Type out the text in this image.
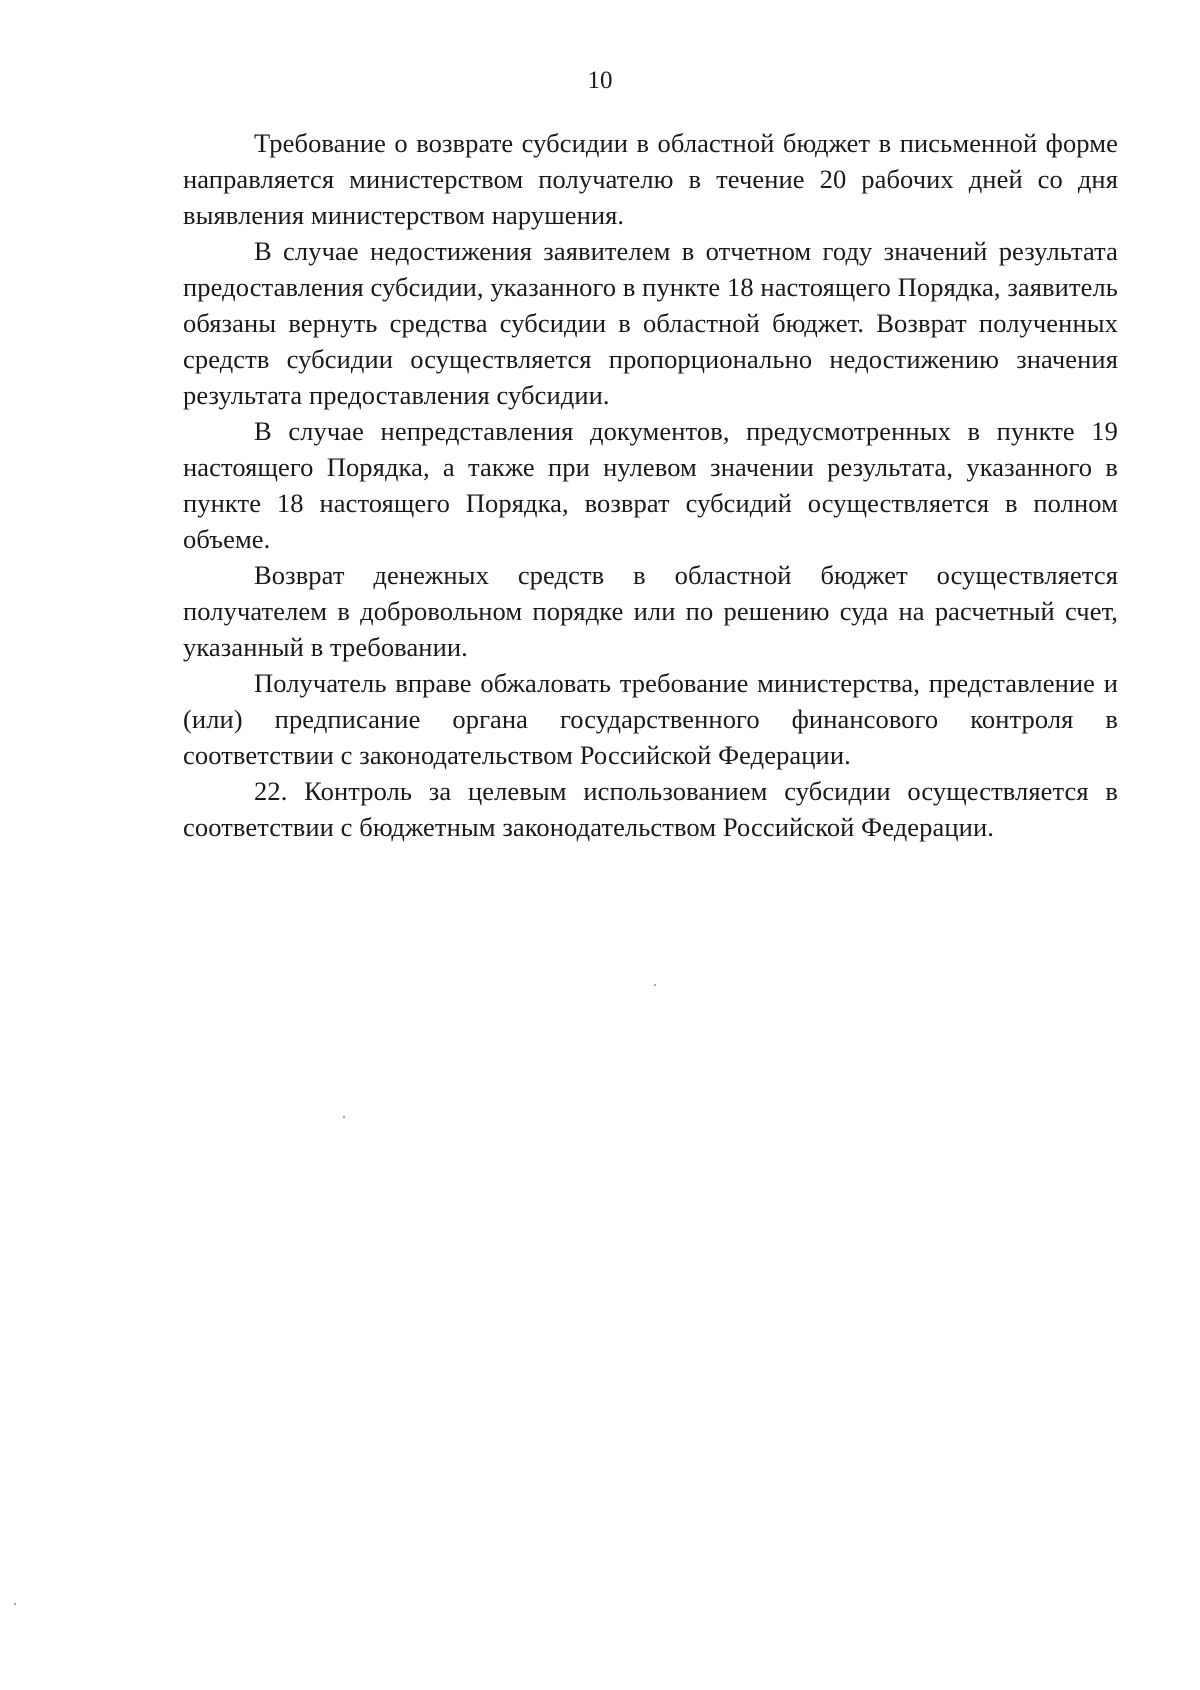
10

Требование о возврате субсидии в областной бюджет в письменной форме направляется министерством получателю в течение 20 рабочих дней со дня выявления министерством нарушения.

В случае недостижения заявителем в отчетном году значений результата предоставления субсидии, указанного в пункте 18 настоящего Порядка, заявитель обязаны вернуть средства субсидии в областной бюджет. Возврат полученных средств субсидии осуществляется пропорционально недостижению значения результата предоставления субсидии.

В случае непредставления документов, предусмотренных в пункте 19 настоящего Порядка, а также при нулевом значении результата, указанного в пункте 18 настоящего Порядка, возврат субсидий осуществляется в полном объеме.

Возврат денежных средств в областной бюджет осуществляется получателем в добровольном порядке или по решению суда на расчетный счет, указанный в требовании.

Получатель вправе обжаловать требование министерства, представление и (или) предписание органа государственного финансового контроля в соответствии с законодательством Российской Федерации.

22. Контроль за целевым использованием субсидии осуществляется в соответствии с бюджетным законодательством Российской Федерации.
